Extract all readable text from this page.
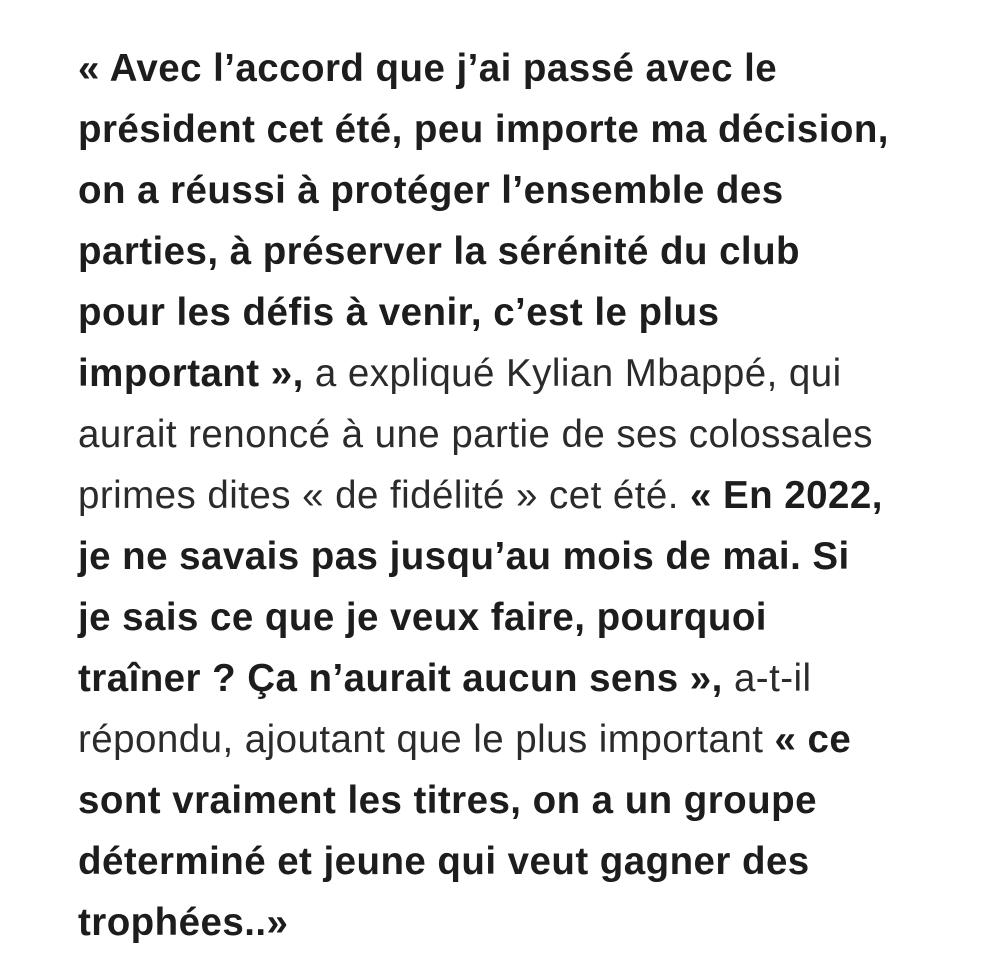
« Avec l’accord que j’ai passé avec le
président cet été, peu importe ma décision,
on a réussi à protéger l’ensemble des
parties, à préserver la sérénité du club
pour les défis à venir, c’est le plus
important », a expliqué Kylian Mbappé, qui
aurait renoncé à une partie de ses colossales
primes dites « de fidélité » cet été. « En 2022,
je ne savais pas jusqu’au mois de mai. Si
je sais ce que je veux faire, pourquoi
traîner ? Ça n’aurait aucun sens », a-t-il
répondu, ajoutant que le plus important « ce
sont vraiment les titres, on a un groupe
déterminé et jeune qui veut gagner des
trophées..»
